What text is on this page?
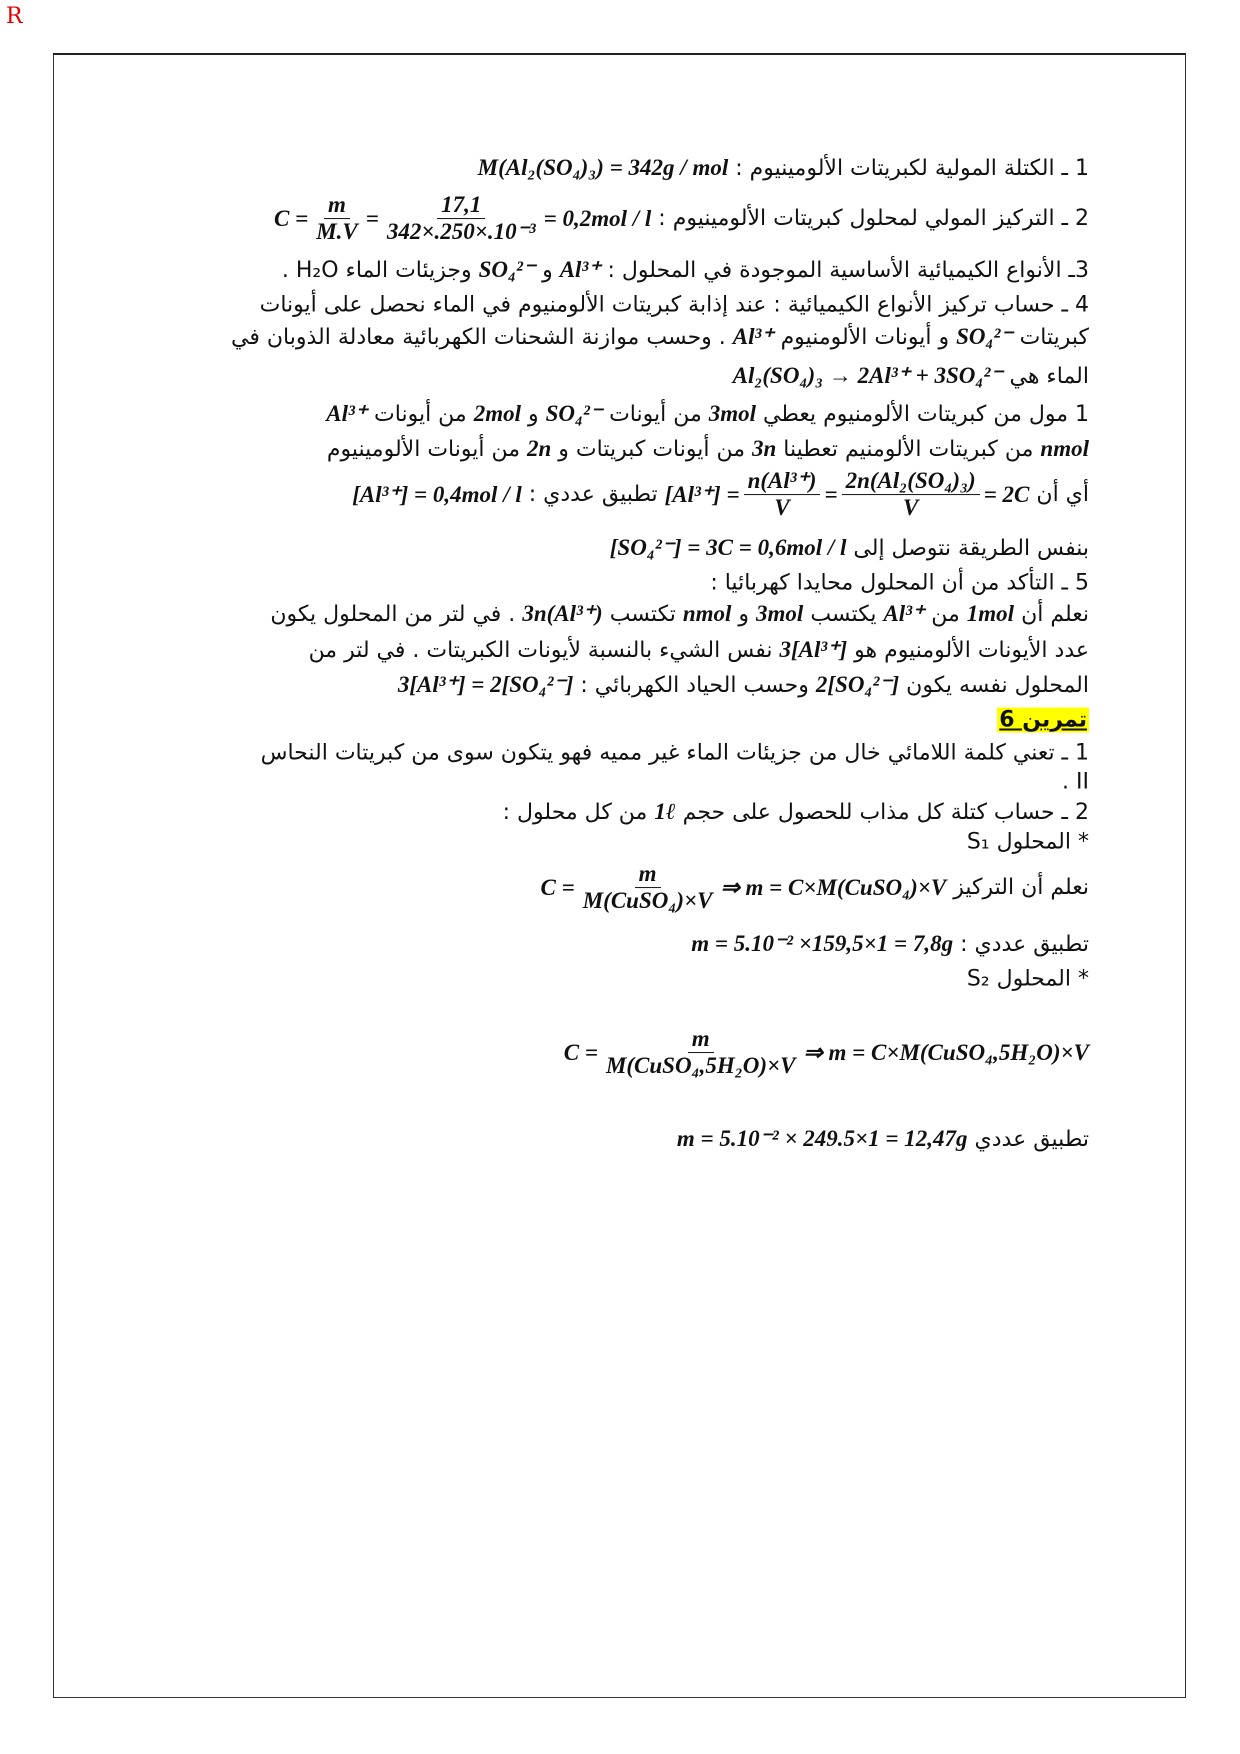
R
1 ـ الكتلة المولية لكبريتات الألومينيوم :
M(Al₂(SO₄)₃) = 342g / mol
2 ـ التركيز المولي لمحلول كبريتات الألومينيوم :
$C = \frac{m}{M.V} = \frac{17,1}{\text{342×.250×.10⁻³}} = 0,2mol / l$
3ـ الأنواع الكيميائية الأساسية الموجودة في المحلول :
Al³⁺
و
SO₄²⁻
وجزيئات الماء H₂O .
4 ـ حساب تركيز الأنواع الكيميائية : عند إذابة كبريتات الألومنيوم في الماء نحصل على أيونات
كبريتات
SO₄²⁻
و أيونات الألومنيوم
Al³⁺
. وحسب موازنة الشحنات الكهربائية معادلة الذوبان في
الماء هي
Al₂(SO₄)₃ → 2Al³⁺ + 3SO₄²⁻
1 مول من كبريتات الألومنيوم يعطي
3mol
من أيونات
SO₄²⁻
و
2mol
من أيونات
Al³⁺
nmol
من كبريتات الألومنيم تعطينا
3n
من أيونات كبريتات و
2n
من أيونات الألومينيوم
أي أن
$[Al^{3+}] = \frac{\text{n(Al³⁺)}}{V} = \frac{\text{2n(Al₂(SO₄)₃)}}{V} = 2C$
تطبيق عددي :
[Al³⁺] = 0,4mol / l
بنفس الطريقة نتوصل إلى
[SO₄²⁻] = 3C = 0,6mol / l
5 ـ التأكد من أن المحلول محايدا كهربائيا :
نعلم أن
1mol
من
Al³⁺
يكتسب
3mol
و
nmol
تكتسب
3n(Al³⁺)
. في لتر من المحلول يكون
عدد الأيونات الألومنيوم هو
3[Al³⁺]
نفس الشيء بالنسبة لأيونات الكبريتات . في لتر من
المحلول نفسه يكون
2[SO₄²⁻]
وحسب الحياد الكهربائي :
3[Al³⁺] = 2[SO₄²⁻]
تمرين 6
1 ـ تعني كلمة اللامائي خال من جزيئات الماء غير مميه فهو يتكون سوى من كبريتات النحاس
II .
2 ـ حساب كتلة كل مذاب للحصول على حجم
1ℓ
من كل محلول :
* المحلول S₁
نعلم أن التركيز
$C = \frac{m}{\text{M(CuSO₄)×V}}$ ⇒ m = C×M(CuSO₄)×V
تطبيق عددي :
m = 5.10⁻² ×159,5×1 = 7,8g
* المحلول S₂
$C = \frac{m}{\text{M(CuSO₄,5H₂O)×V}}$ ⇒ m = C×M(CuSO₄,5H₂O)×V
تطبيق عددي
m = 5.10⁻² × 249.5×1 = 12,47g
